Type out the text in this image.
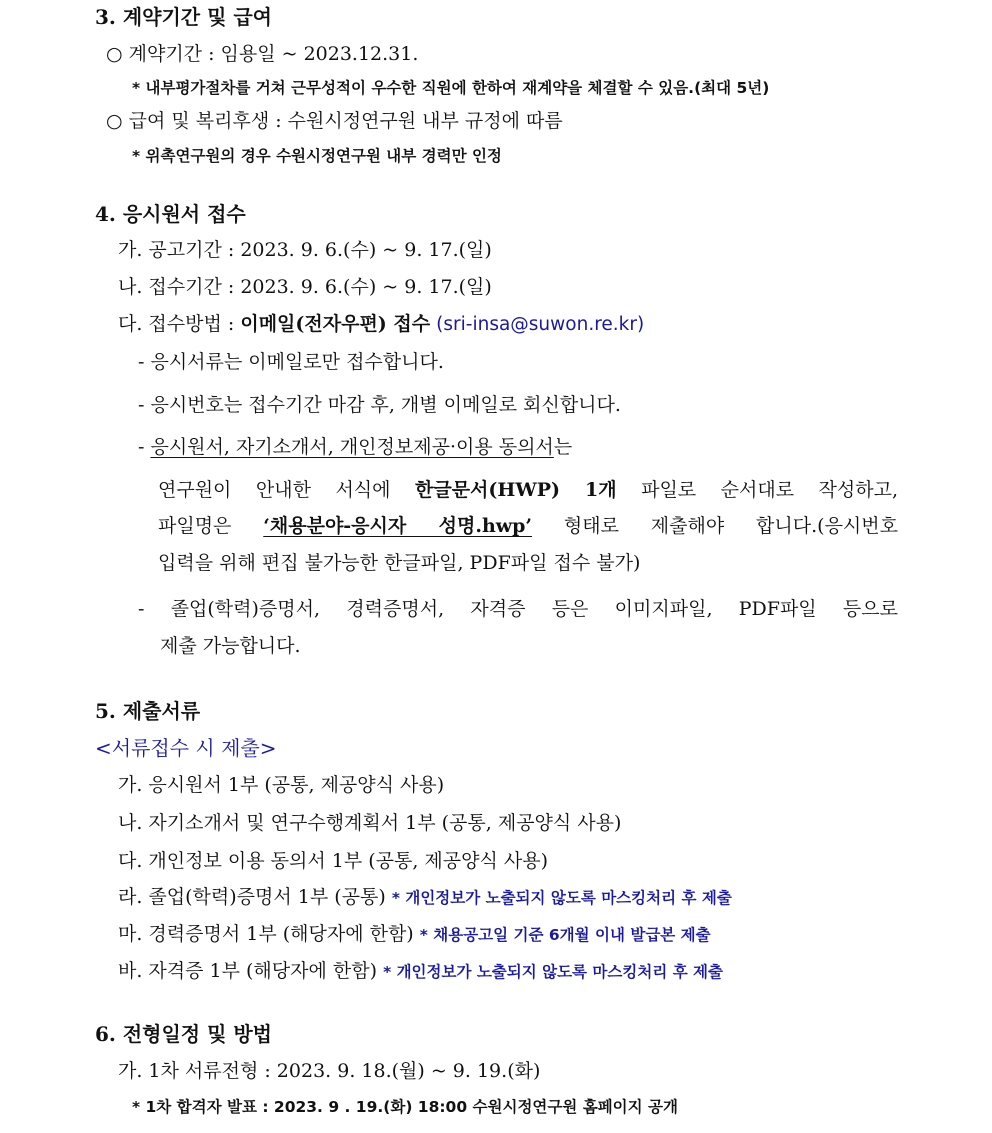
3. 계약기간 및 급여
○ 계약기간 : 임용일 ~ 2023.12.31.
* 내부평가절차를 거쳐 근무성적이 우수한 직원에 한하여 재계약을 체결할 수 있음.(최대 5년)
○ 급여 및 복리후생 : 수원시정연구원 내부 규정에 따름
* 위촉연구원의 경우 수원시정연구원 내부 경력만 인정
4. 응시원서 접수
가. 공고기간 : 2023. 9. 6.(수) ~ 9. 17.(일)
나. 접수기간 : 2023. 9. 6.(수) ~ 9. 17.(일)
다. 접수방법 : 이메일(전자우편) 접수 (sri-insa@suwon.re.kr)
- 응시서류는 이메일로만 접수합니다.
- 응시번호는 접수기간 마감 후, 개별 이메일로 회신합니다.
- 응시원서, 자기소개서, 개인정보제공·이용 동의서는
연구원이 안내한 서식에 한글문서(HWP) 1개 파일로 순서대로 작성하고,
파일명은 ‘채용분야-응시자 성명.hwp’ 형태로 제출해야 합니다.(응시번호
입력을 위해 편집 불가능한 한글파일, PDF파일 접수 불가)
- 졸업(학력)증명서, 경력증명서, 자격증 등은 이미지파일, PDF파일 등으로
제출 가능합니다.
5. 제출서류
<서류접수 시 제출>
가. 응시원서 1부 (공통, 제공양식 사용)
나. 자기소개서 및 연구수행계획서 1부 (공통, 제공양식 사용)
다. 개인정보 이용 동의서 1부 (공통, 제공양식 사용)
라. 졸업(학력)증명서 1부 (공통) * 개인정보가 노출되지 않도록 마스킹처리 후 제출
마. 경력증명서 1부 (해당자에 한함) * 채용공고일 기준 6개월 이내 발급본 제출
바. 자격증 1부 (해당자에 한함) * 개인정보가 노출되지 않도록 마스킹처리 후 제출
6. 전형일정 및 방법
가. 1차 서류전형 : 2023. 9. 18.(월) ~ 9. 19.(화)
* 1차 합격자 발표 : 2023. 9 . 19.(화) 18:00 수원시정연구원 홈페이지 공개
